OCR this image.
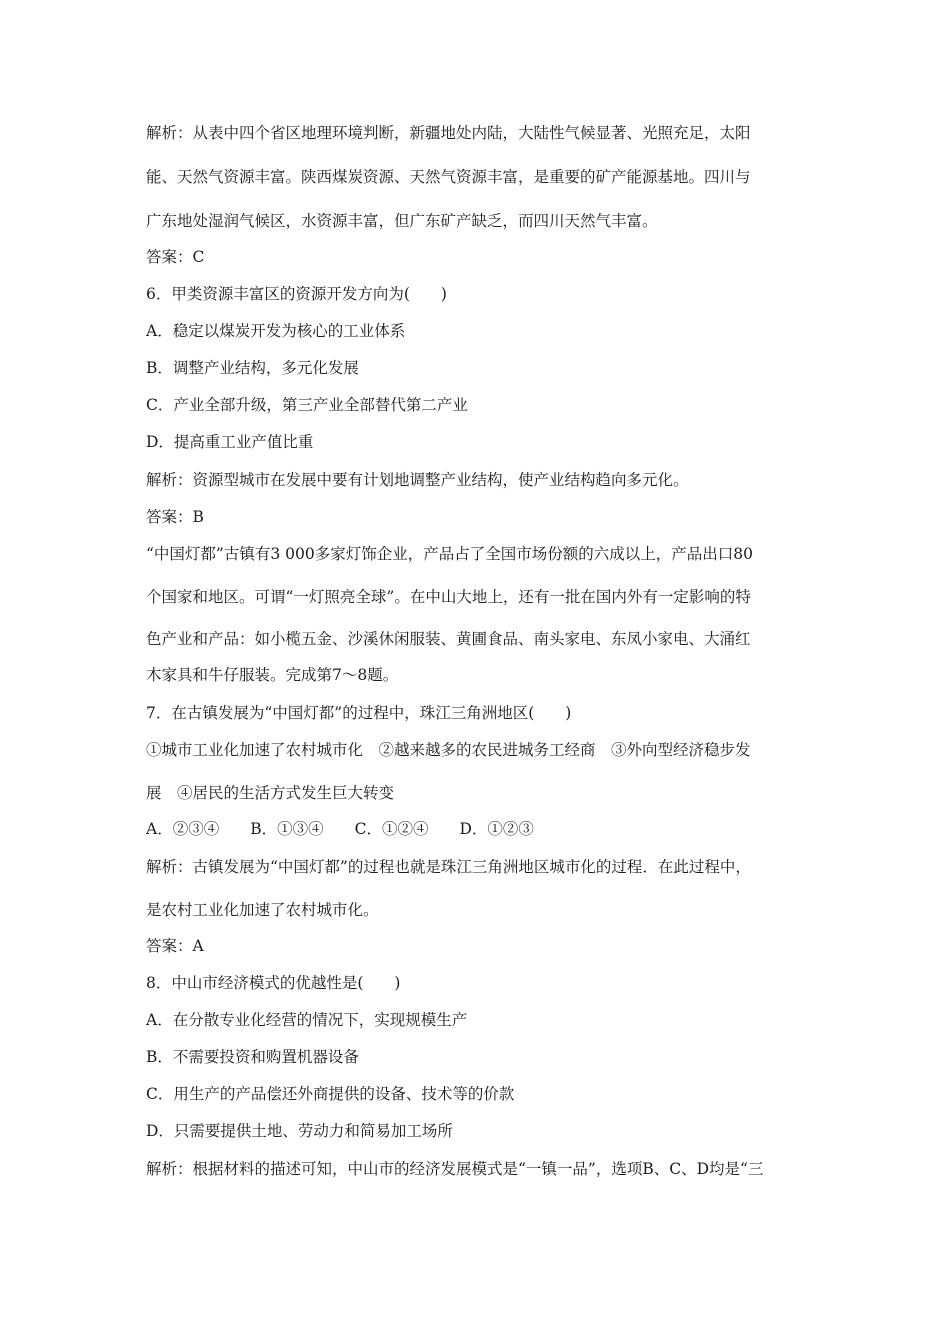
解析：从表中四个省区地理环境判断，新疆地处内陆，大陆性气候显著、光照充足，太阳
能、天然气资源丰富。陕西煤炭资源、天然气资源丰富，是重要的矿产能源基地。四川与
广东地处湿润气候区，水资源丰富，但广东矿产缺乏，而四川天然气丰富。
答案：C
6．甲类资源丰富区的资源开发方向为(　　)
A．稳定以煤炭开发为核心的工业体系
B．调整产业结构，多元化发展
C．产业全部升级，第三产业全部替代第二产业
D．提高重工业产值比重
解析：资源型城市在发展中要有计划地调整产业结构，使产业结构趋向多元化。
答案：B
“中国灯都”古镇有3 000多家灯饰企业，产品占了全国市场份额的六成以上，产品出口80
个国家和地区。可谓“一灯照亮全球”。在中山大地上，还有一批在国内外有一定影响的特
色产业和产品：如小榄五金、沙溪休闲服装、黄圃食品、南头家电、东凤小家电、大涌红
木家具和牛仔服装。完成第7～8题。
7．在古镇发展为“中国灯都”的过程中，珠江三角洲地区(　　)
①城市工业化加速了农村城市化　②越来越多的农民进城务工经商　③外向型经济稳步发
展　④居民的生活方式发生巨大转变
A．②③④　　B．①③④　　C．①②④　　D．①②③
解析：古镇发展为“中国灯都”的过程也就是珠江三角洲地区城市化的过程．在此过程中，
是农村工业化加速了农村城市化。
答案：A
8．中山市经济模式的优越性是(　　)
A．在分散专业化经营的情况下，实现规模生产
B．不需要投资和购置机器设备
C．用生产的产品偿还外商提供的设备、技术等的价款
D．只需要提供土地、劳动力和简易加工场所
解析：根据材料的描述可知，中山市的经济发展模式是“一镇一品”，选项B、C、D均是“三
